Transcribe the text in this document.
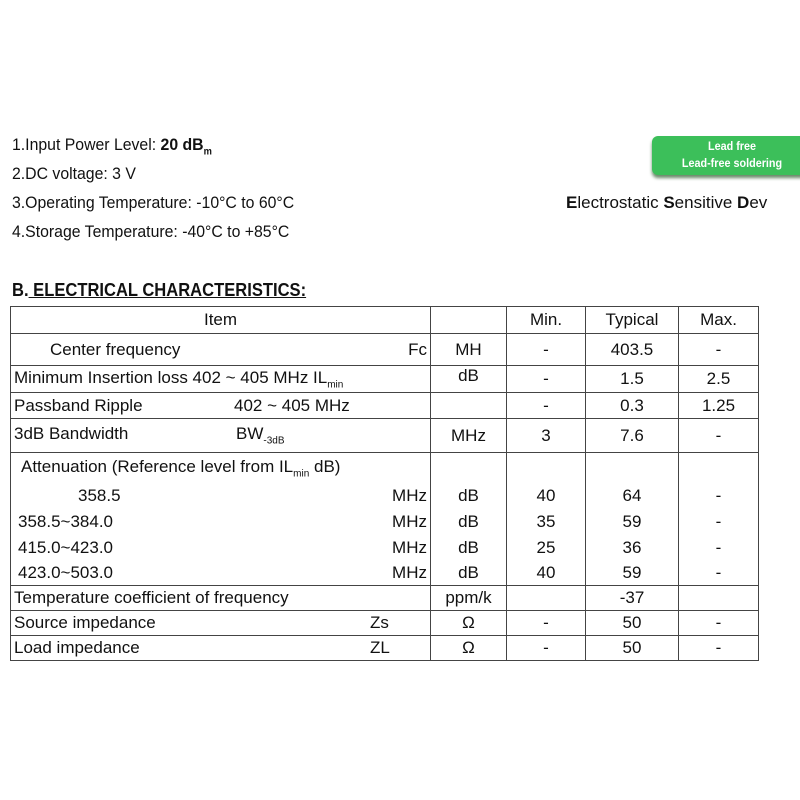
1.Input Power Level: 20 $dB_m$
2.DC voltage: 3 V
3.Operating Temperature: -10°C to 60°C
4.Storage Temperature: -40°C to +85°C
Lead free
Lead-free soldering
Electrostatic Sensitive Dev
B. ELECTRICAL CHARACTERISTICS:
Item		Min.	Typical	Max.

Center frequency Fc	MH	-	403.5	-
Minimum Insertion loss 402 ~ 405 MHz $IL_{min}$	dB	-	1.5	2.5
Passband Ripple 402 ~ 405 MHz		-	0.3	1.25
3dB Bandwidth $BW_{-3dB}$	MHz	3	7.6	-
Attenuation (Reference level from $IL_{min}$ dB)				

358.5 MHz	dB	40	64	-

358.5~384.0 MHz	dB	35	59	-

415.0~423.0 MHz	dB	25	36	-

423.0~503.0 MHz	dB	40	59	-
Temperature coefficient of frequency	ppm/k		-37	
Source impedance Zs	Ω	-	50	-
Load impedance ZL	Ω	-	50	-
